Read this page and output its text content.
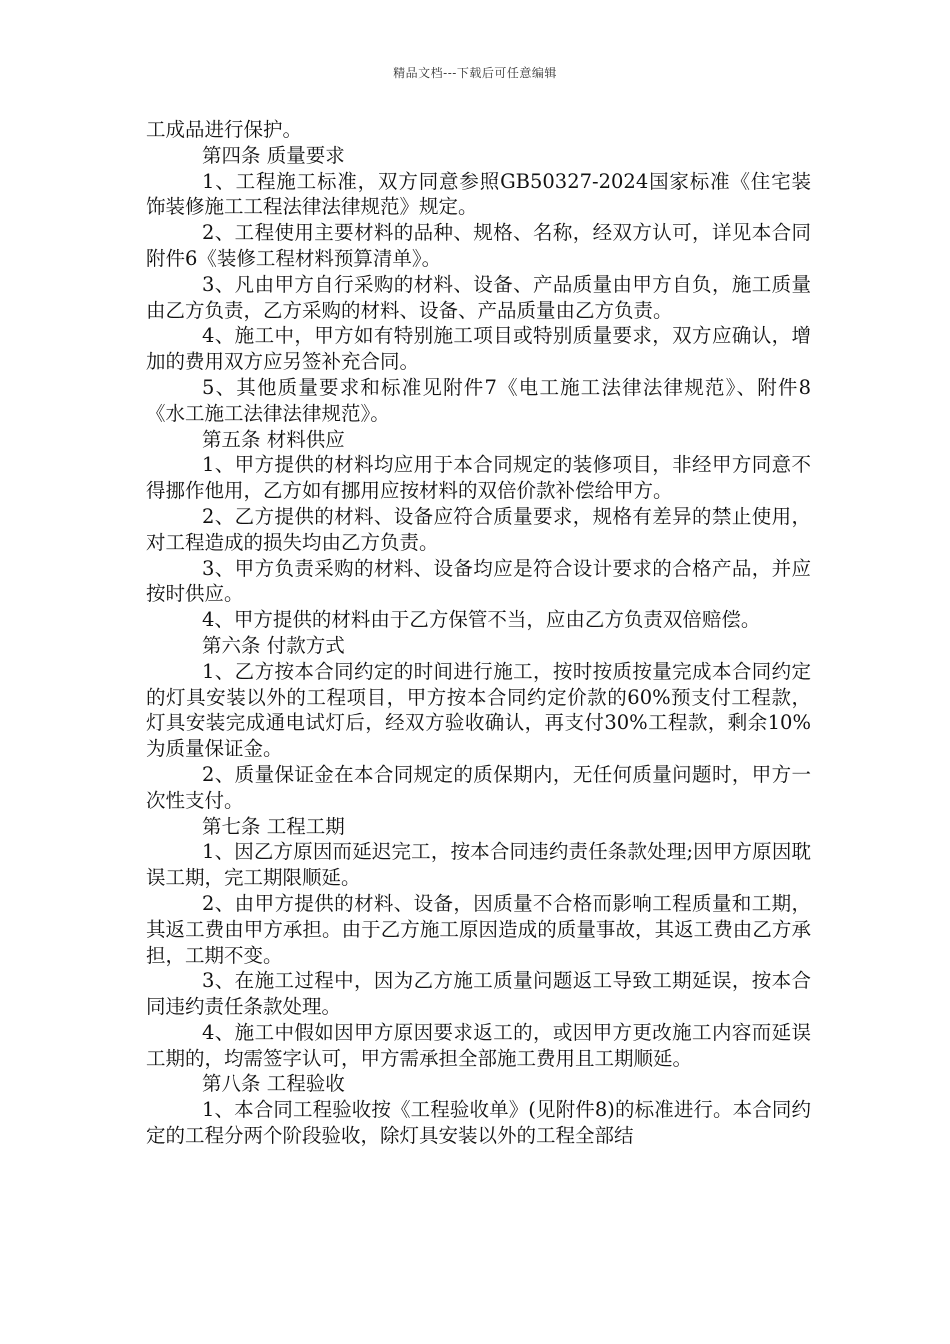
精品文档---下载后可任意编辑

工成品进行保护。

第四条 质量要求

1、工程施工标准，双方同意参照GB50327-2024国家标准《住宅装饰装修施工工程法律法律规范》规定。

2、工程使用主要材料的品种、规格、名称，经双方认可，详见本合同附件6《装修工程材料预算清单》。

3、凡由甲方自行采购的材料、设备、产品质量由甲方自负，施工质量由乙方负责，乙方采购的材料、设备、产品质量由乙方负责。

4、施工中，甲方如有特别施工项目或特别质量要求，双方应确认，增加的费用双方应另签补充合同。

5、其他质量要求和标准见附件7《电工施工法律法律规范》、附件8《水工施工法律法律规范》。

第五条 材料供应

1、甲方提供的材料均应用于本合同规定的装修项目，非经甲方同意不得挪作他用，乙方如有挪用应按材料的双倍价款补偿给甲方。

2、乙方提供的材料、设备应符合质量要求，规格有差异的禁止使用，对工程造成的损失均由乙方负责。

3、甲方负责采购的材料、设备均应是符合设计要求的合格产品，并应按时供应。

4、甲方提供的材料由于乙方保管不当，应由乙方负责双倍赔偿。

第六条 付款方式

1、乙方按本合同约定的时间进行施工，按时按质按量完成本合同约定的灯具安装以外的工程项目，甲方按本合同约定价款的60%预支付工程款，灯具安装完成通电试灯后，经双方验收确认，再支付30%工程款，剩余10%为质量保证金。

2、质量保证金在本合同规定的质保期内，无任何质量问题时，甲方一次性支付。

第七条 工程工期

1、因乙方原因而延迟完工，按本合同违约责任条款处理;因甲方原因耽误工期，完工期限顺延。

2、由甲方提供的材料、设备，因质量不合格而影响工程质量和工期，其返工费由甲方承担。由于乙方施工原因造成的质量事故，其返工费由乙方承担，工期不变。

3、在施工过程中，因为乙方施工质量问题返工导致工期延误，按本合同违约责任条款处理。

4、施工中假如因甲方原因要求返工的，或因甲方更改施工内容而延误工期的，均需签字认可，甲方需承担全部施工费用且工期顺延。

第八条 工程验收

1、本合同工程验收按《工程验收单》(见附件8)的标准进行。本合同约定的工程分两个阶段验收，除灯具安装以外的工程全部结
